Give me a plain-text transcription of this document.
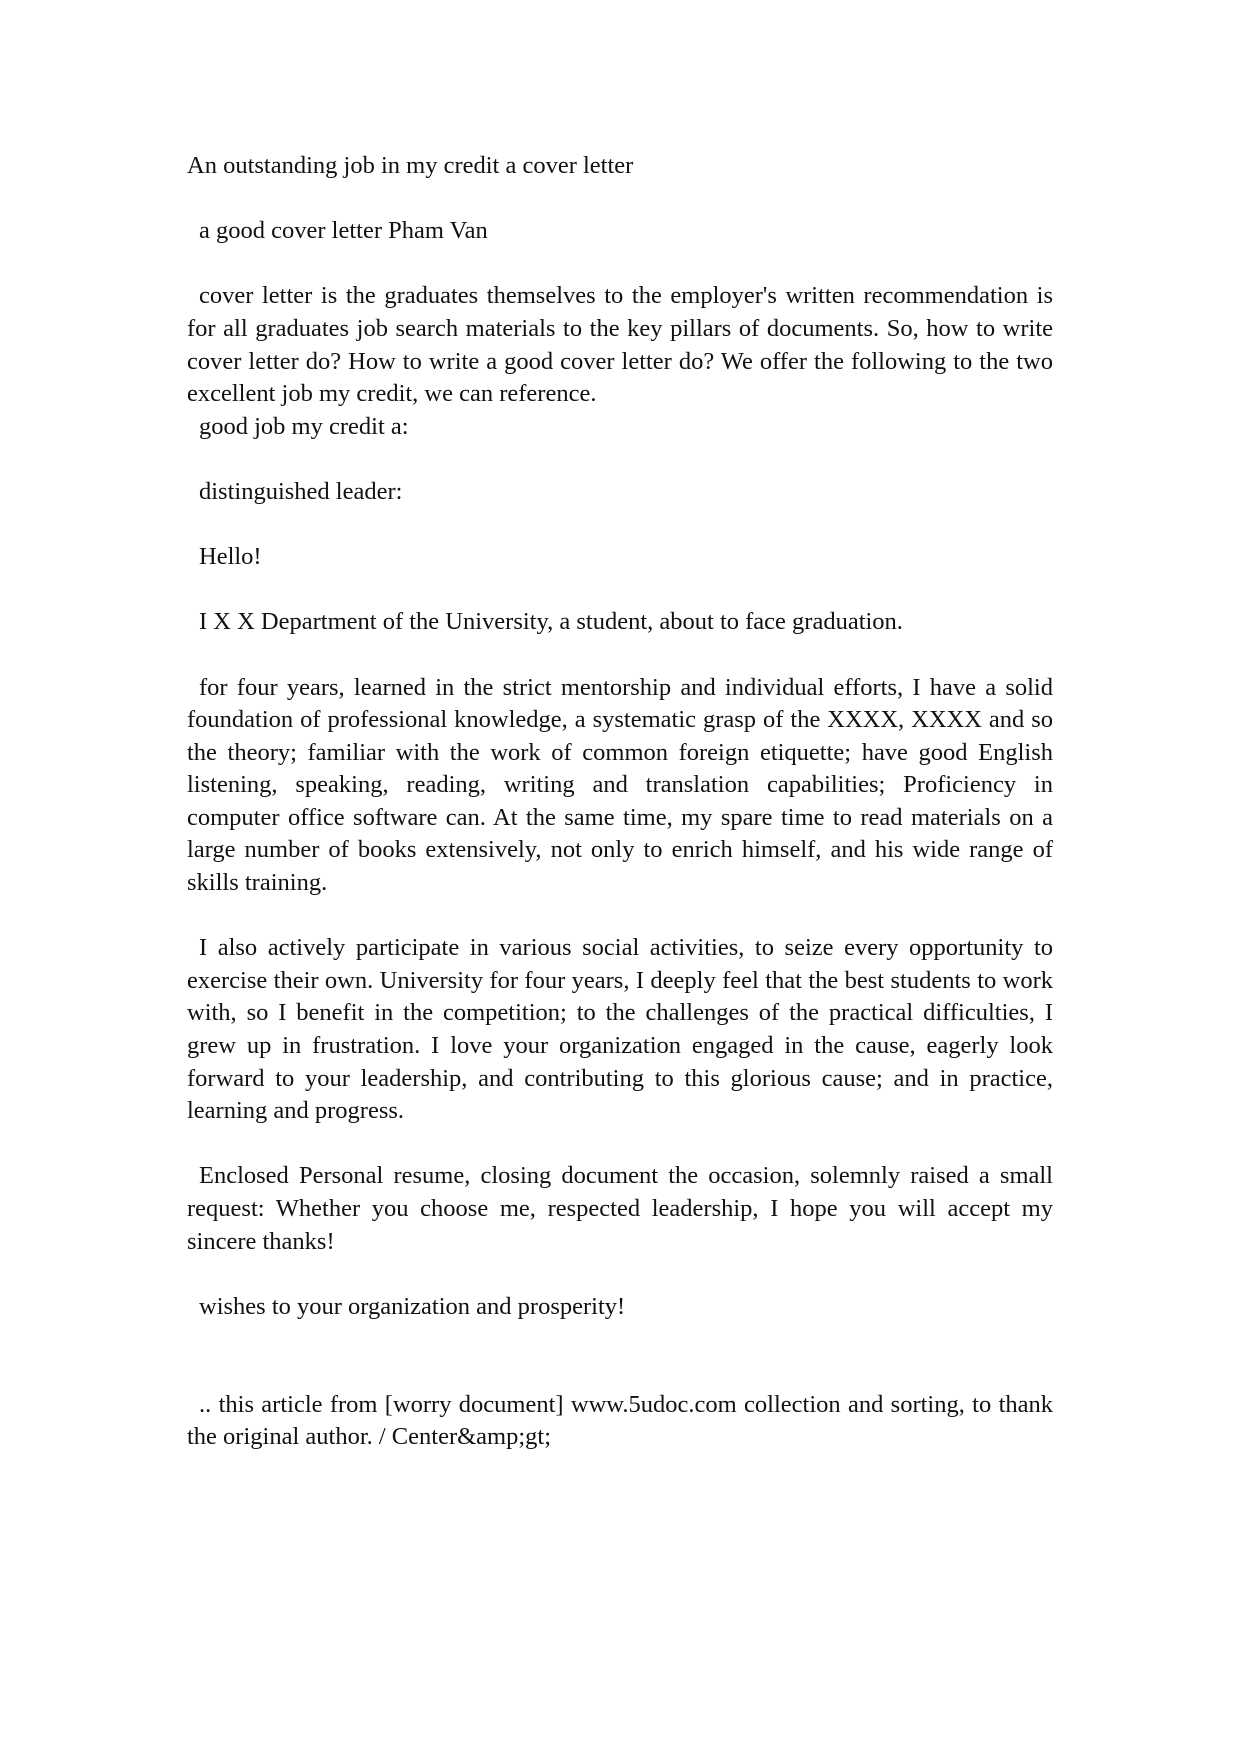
An outstanding job in my credit a cover letter

a good cover letter Pham Van

cover letter is the graduates themselves to the employer's written recommendation is for all graduates job search materials to the key pillars of documents. So, how to write cover letter do? How to write a good cover letter do? We offer the following to the two excellent job my credit, we can reference.

good job my credit a:

distinguished leader:

Hello!

I X X Department of the University, a student, about to face graduation.

for four years, learned in the strict mentorship and individual efforts, I have a solid foundation of professional knowledge, a systematic grasp of the XXXX, XXXX and so the theory; familiar with the work of common foreign etiquette; have good English listening, speaking, reading, writing and translation capabilities; Proficiency in computer office software can. At the same time, my spare time to read materials on a large number of books extensively, not only to enrich himself, and his wide range of skills training.

I also actively participate in various social activities, to seize every opportunity to exercise their own. University for four years, I deeply feel that the best students to work with, so I benefit in the competition; to the challenges of the practical difficulties, I grew up in frustration. I love your organization engaged in the cause, eagerly look forward to your leadership, and contributing to this glorious cause; and in practice, learning and progress.

Enclosed Personal resume, closing document the occasion, solemnly raised a small request: Whether you choose me, respected leadership, I hope you will accept my sincere thanks!

wishes to your organization and prosperity!

.. this article from [worry document] www.5udoc.com collection and sorting, to thank the original author. / Center&amp;gt;
